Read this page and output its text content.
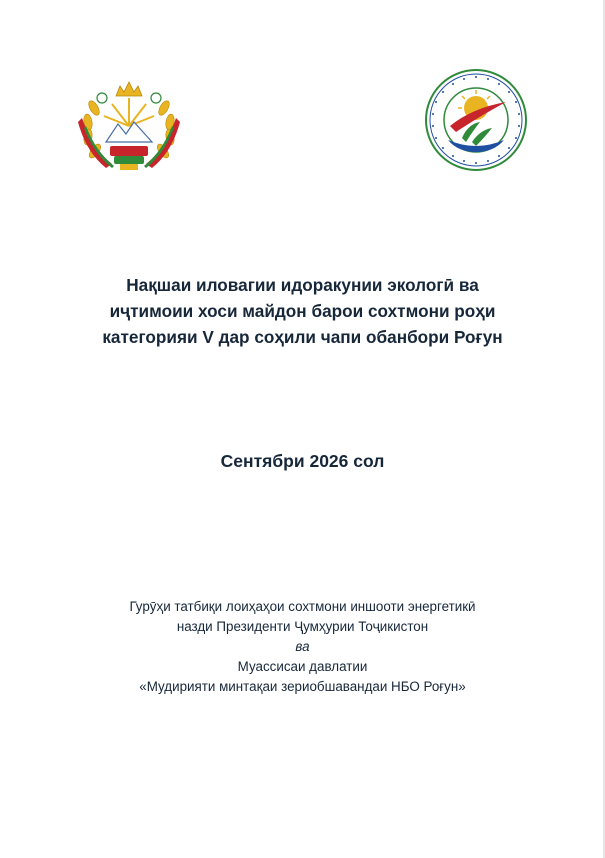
Нақшаи иловагии идоракунии экологӣ ва
иҷтимоии хоси майдон барои сохтмони роҳи
категорияи V дар соҳили чапи обанбори Роғун
Сентябри 2026 сол
Гурӯҳи татбиқи лоиҳаҳои сохтмони иншооти энергетикӣ
назди Президенти Ҷумҳурии Тоҷикистон
ва
Муассисаи давлатии
«Мудирияти минтақаи зериобшавандаи НБО Роғун»
